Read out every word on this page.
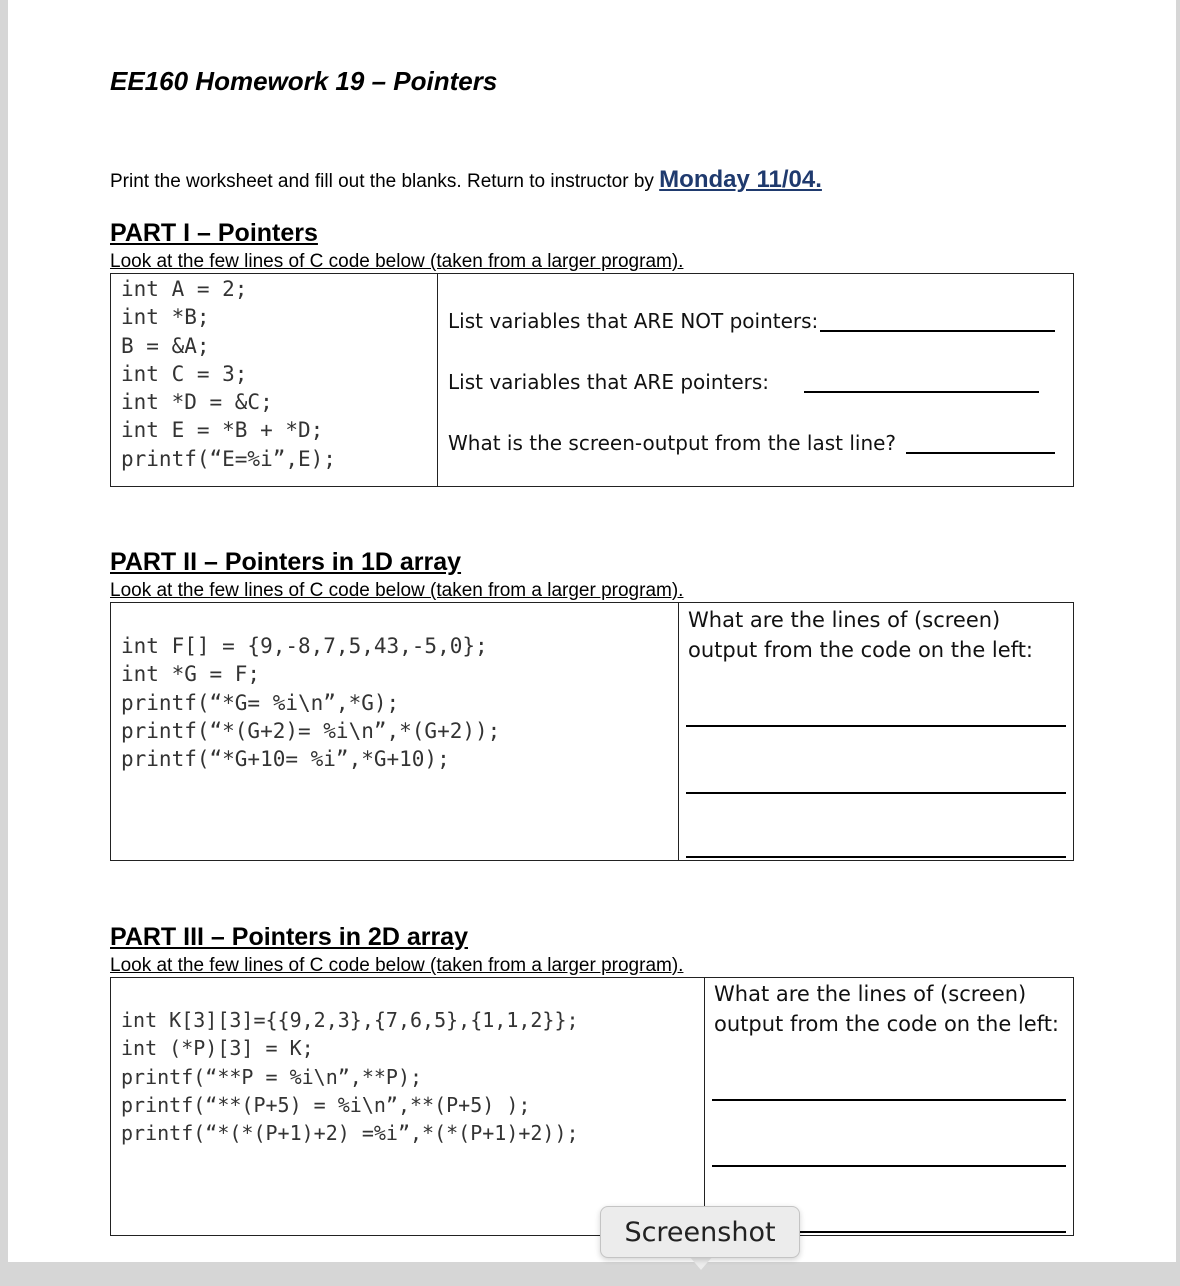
EE160 Homework 19 – Pointers
Print the worksheet and fill out the blanks. Return to instructor by Monday 11/04.
PART I – Pointers
Look at the few lines of C code below (taken from a larger program).
int A = 2;
int *B;
B = &A;
int C = 3;
int *D = &C;
int E = *B + *D;
printf(“E=%i”,E);
List variables that ARE NOT pointers:
List variables that ARE pointers:
What is the screen-output from the last line?
PART II – Pointers in 1D array
Look at the few lines of C code below (taken from a larger program).
int F[] = {9,-8,7,5,43,-5,0};
int *G = F;
printf(“*G= %i\n”,*G);
printf(“*(G+2)= %i\n”,*(G+2));
printf(“*G+10= %i”,*G+10);
What are the lines of (screen) output from the code on the left:
PART III – Pointers in 2D array
Look at the few lines of C code below (taken from a larger program).
int K[3][3]={{9,2,3},{7,6,5},{1,1,2}};
int (*P)[3] = K;
printf(“**P = %i\n”,**P);
printf(“**(P+5) = %i\n”,**(P+5) );
printf(“*(*(P+1)+2) =%i”,*(*(P+1)+2));
What are the lines of (screen) output from the code on the left:
Screenshot
